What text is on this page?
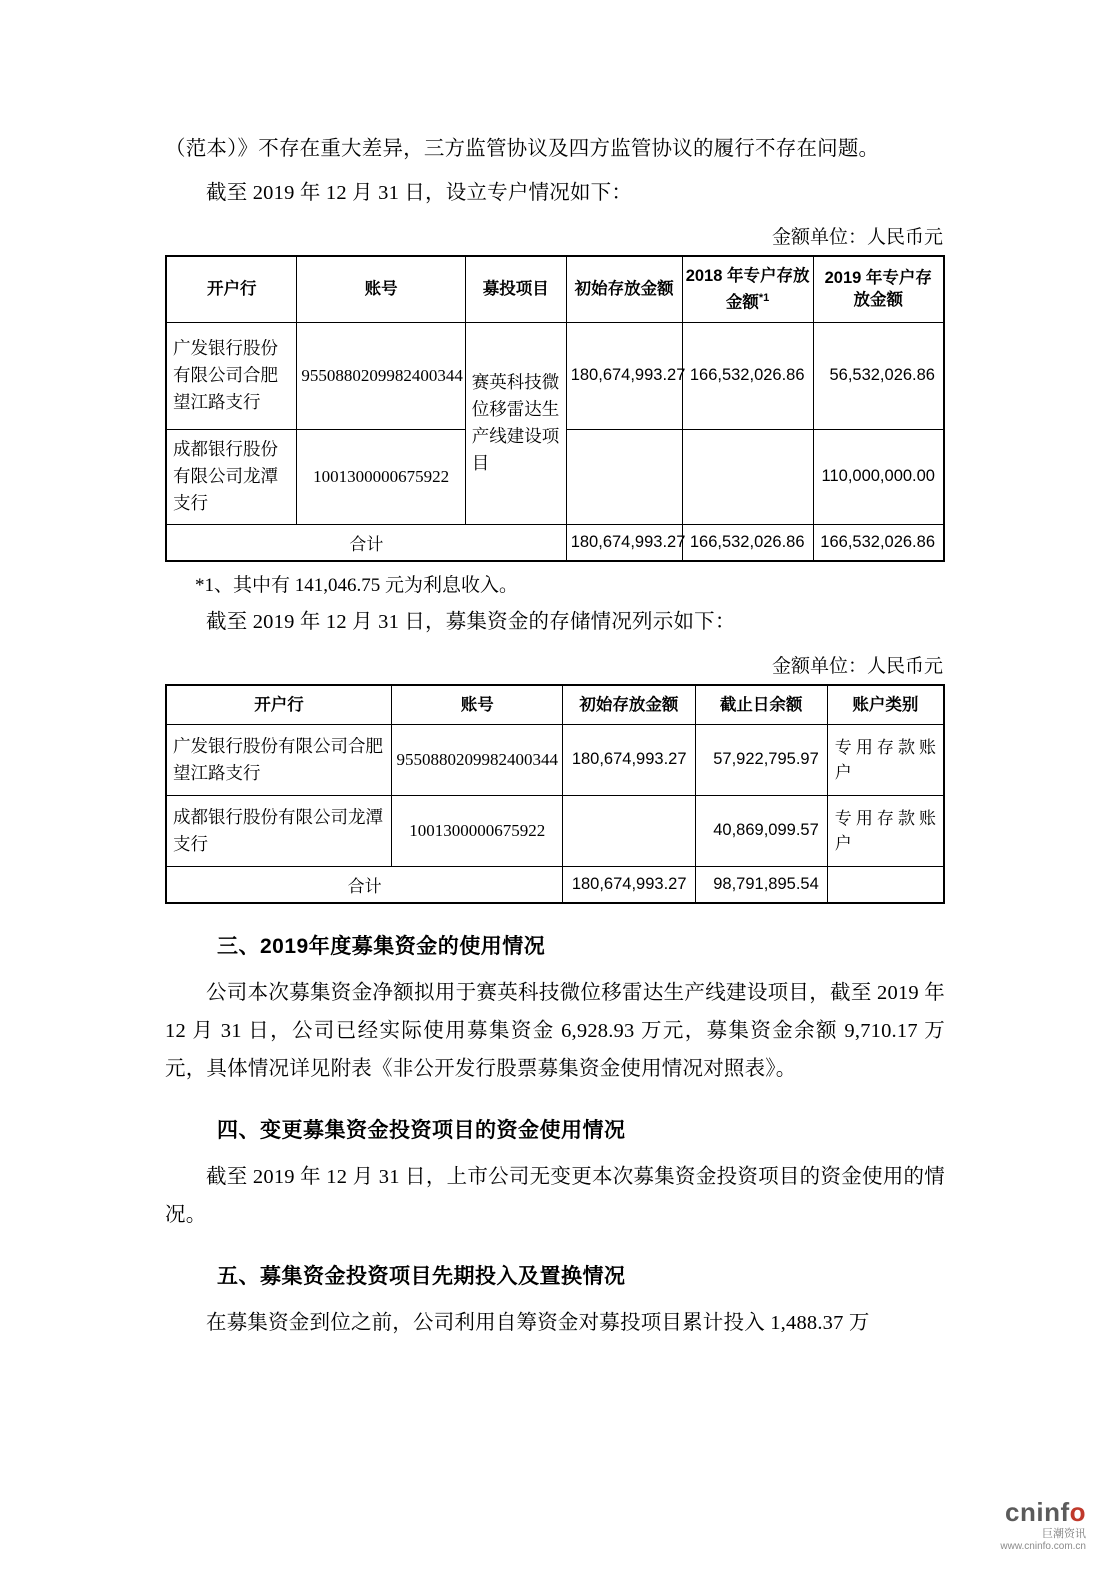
（范本）》不存在重大差异，三方监管协议及四方监管协议的履行不存在问题。

截至 2019 年 12 月 31 日，设立专户情况如下：

金额单位：人民币元
开户行	账号	募投项目	初始存放金额	2018 年专户存放金额$^{*1}$	2019 年专户存放金额
广发银行股份有限公司合肥望江路支行	9550880209982400344	赛英科技微位移雷达生产线建设项目	180,674,993.27	166,532,026.86	56,532,026.86
成都银行股份有限公司龙潭支行	1001300000675922				110,000,000.00
合计			180,674,993.27	166,532,026.86	166,532,026.86

*1、其中有 141,046.75 元为利息收入。

截至 2019 年 12 月 31 日，募集资金的存储情况列示如下：

金额单位：人民币元
开户行	账号	初始存放金额	截止日余额	账户类别
广发银行股份有限公司合肥望江路支行	9550880209982400344	180,674,993.27	57,922,795.97	专用存款账户
成都银行股份有限公司龙潭支行	1001300000675922		40,869,099.57	专用存款账户
合计		180,674,993.27	98,791,895.54	
三、2019年度募集资金的使用情况

公司本次募集资金净额拟用于赛英科技微位移雷达生产线建设项目，截至 2019 年 12 月 31 日，公司已经实际使用募集资金 6,928.93 万元，募集资金余额 9,710.17 万元，具体情况详见附表《非公开发行股票募集资金使用情况对照表》。

四、变更募集资金投资项目的资金使用情况

截至 2019 年 12 月 31 日，上市公司无变更本次募集资金投资项目的资金使用的情况。

五、募集资金投资项目先期投入及置换情况

在募集资金到位之前，公司利用自筹资金对募投项目累计投入 1,488.37 万

cninfo
巨潮资讯
www.cninfo.com.cn
